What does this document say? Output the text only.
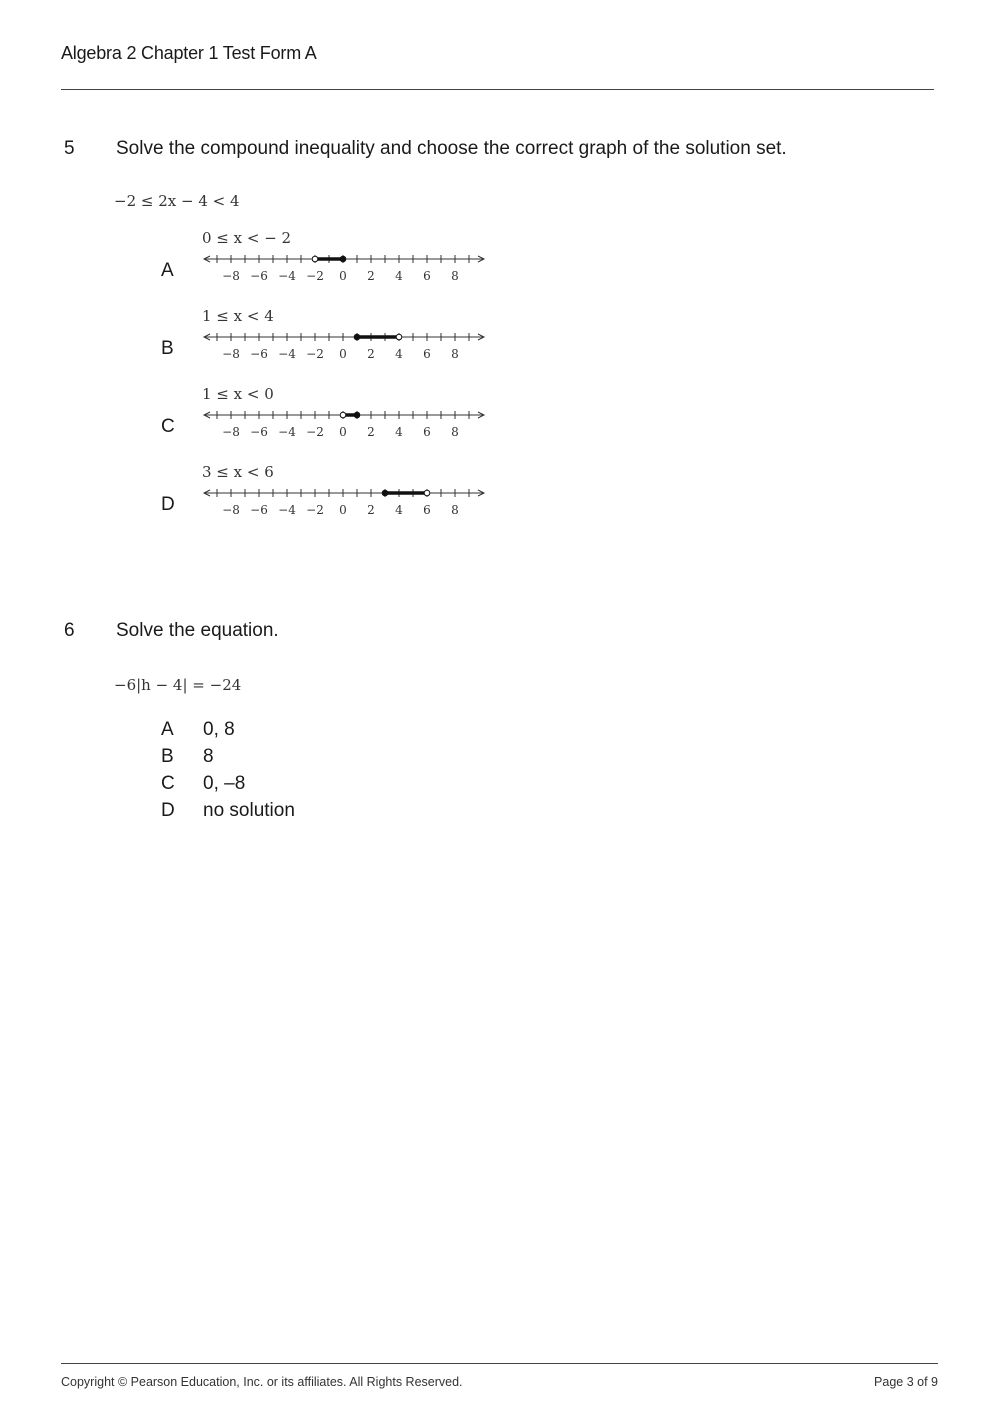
Algebra 2 Chapter 1 Test Form A
5 Solve the compound inequality and choose the correct graph of the solution set.
−2 ≤ 2x − 4 < 4
A
0 ≤ x < − 2
−8 −6 −4 −2 0 2 4 6 8
B
1 ≤ x < 4
−8 −6 −4 −2 0 2 4 6 8
C
1 ≤ x < 0
−8 −6 −4 −2 0 2 4 6 8
D
3 ≤ x < 6
−8 −6 −4 −2 0 2 4 6 8
6 Solve the equation.
−6|h − 4| = −24
A 0, 8
B 8
C 0, –8
D no solution
Copyright © Pearson Education, Inc. or its affiliates. All Rights Reserved.	Page 3 of 9
